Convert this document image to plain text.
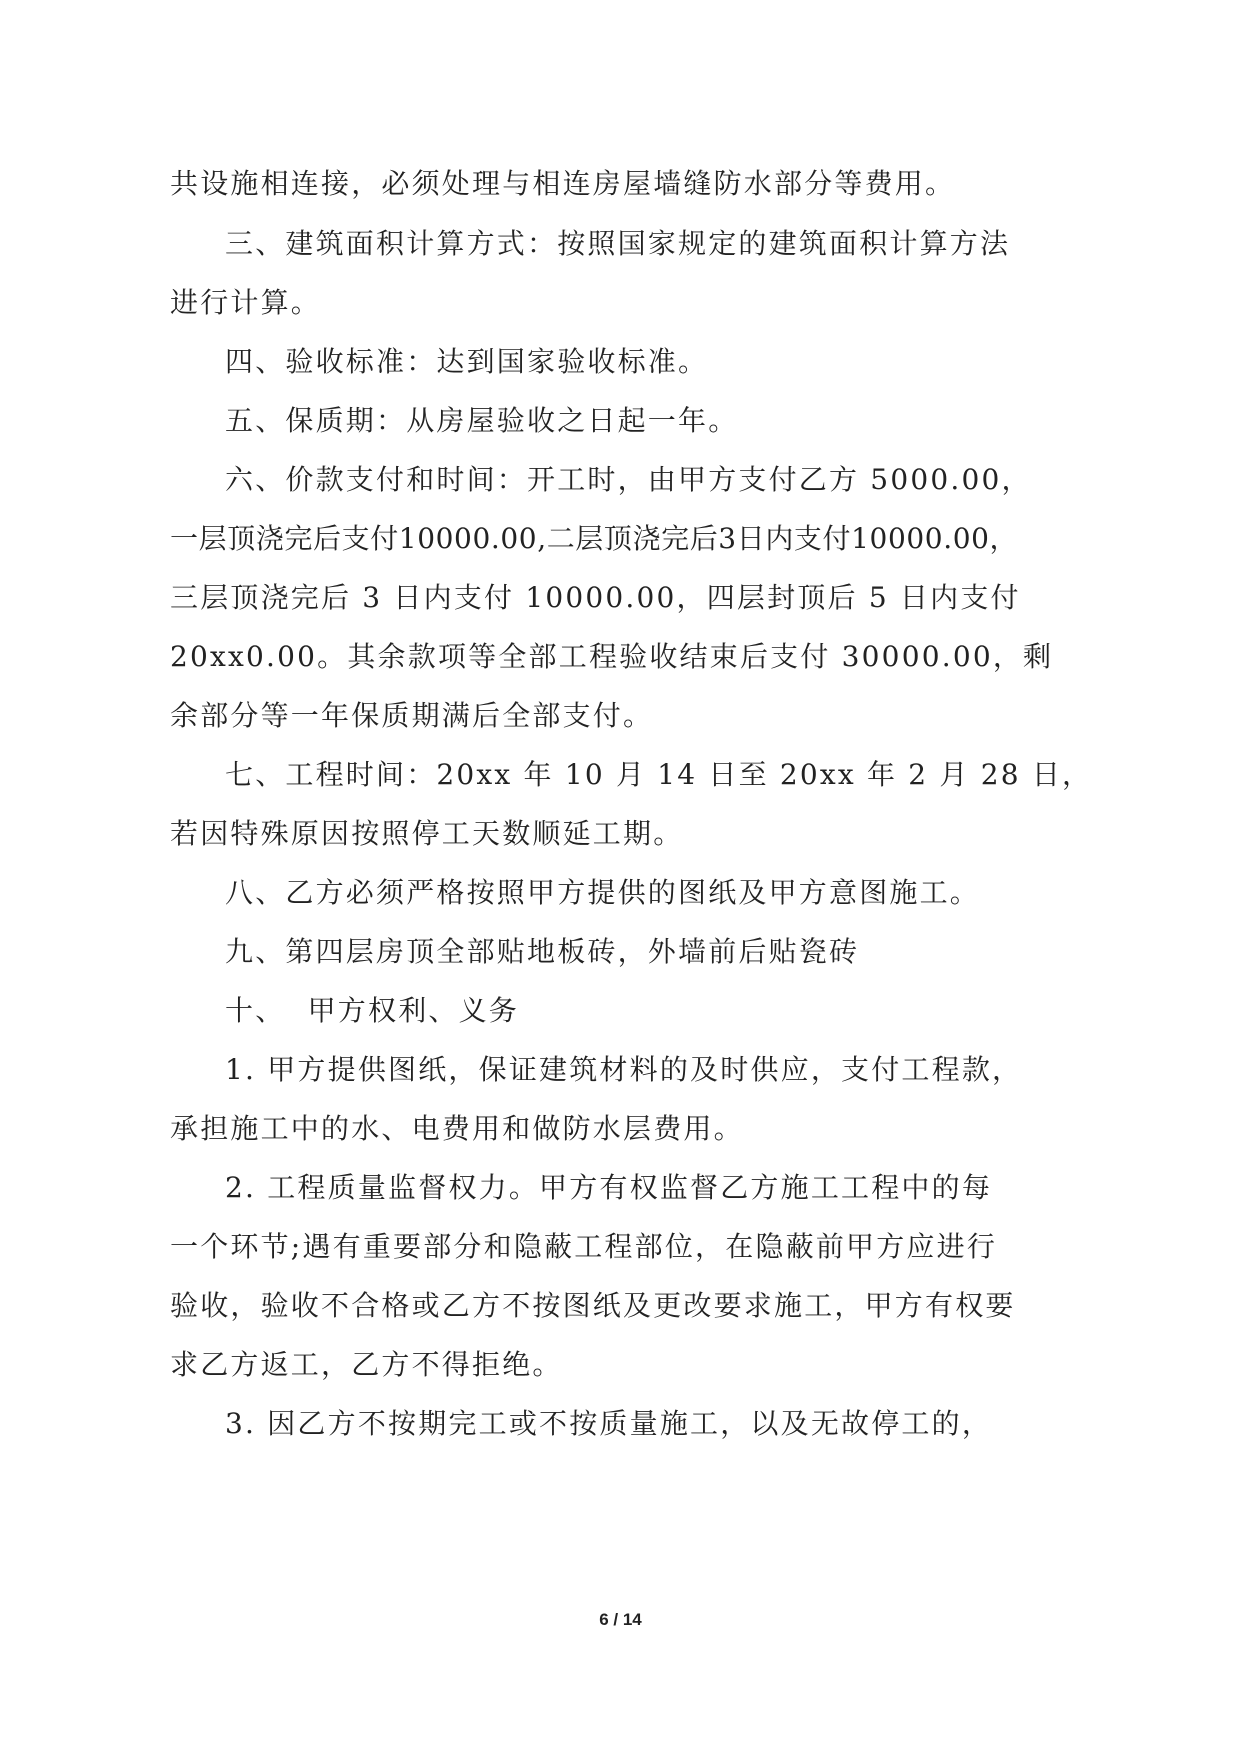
共设施相连接，必须处理与相连房屋墙缝防水部分等费用。
三、建筑面积计算方式：按照国家规定的建筑面积计算方法
进行计算。
四、验收标准：达到国家验收标准。
五、保质期：从房屋验收之日起一年。
六、价款支付和时间：开工时，由甲方支付乙方 5000.00，
一层顶浇完后支付10000.00,二层顶浇完后3日内支付10000.00，
三层顶浇完后 3 日内支付 10000.00，四层封顶后 5 日内支付
20xx0.00。其余款项等全部工程验收结束后支付 30000.00，剩
余部分等一年保质期满后全部支付。
七、工程时间：20xx 年 10 月 14 日至 20xx 年 2 月 28 日，
若因特殊原因按照停工天数顺延工期。
八、乙方必须严格按照甲方提供的图纸及甲方意图施工。
九、第四层房顶全部贴地板砖，外墙前后贴瓷砖
十、  甲方权利、义务
1. 甲方提供图纸，保证建筑材料的及时供应，支付工程款，
承担施工中的水、电费用和做防水层费用。
2. 工程质量监督权力。甲方有权监督乙方施工工程中的每
一个环节;遇有重要部分和隐蔽工程部位，在隐蔽前甲方应进行
验收，验收不合格或乙方不按图纸及更改要求施工，甲方有权要
求乙方返工，乙方不得拒绝。
3. 因乙方不按期完工或不按质量施工，以及无故停工的，
6 / 14
